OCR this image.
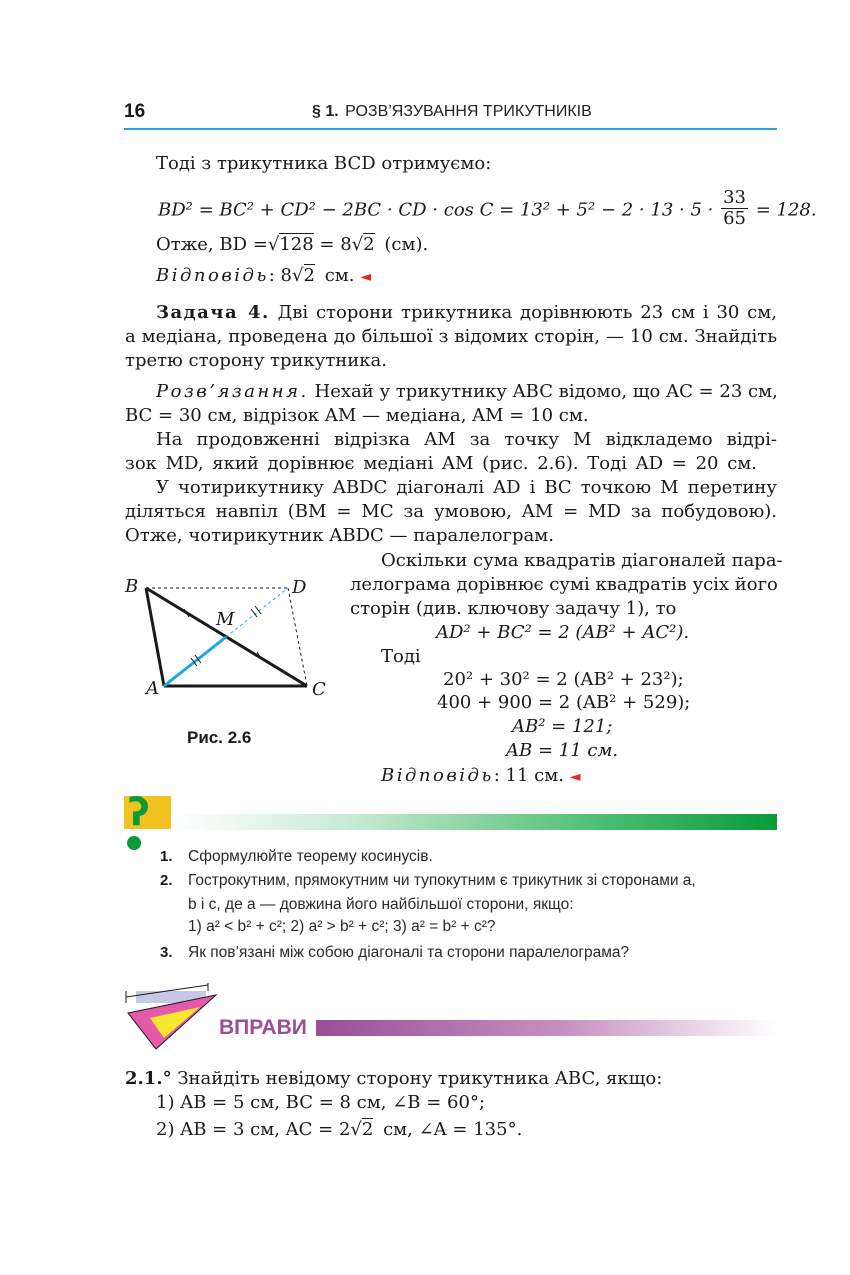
16	§ 1. РОЗВ’ЯЗУВАННЯ ТРИКУТНИКІВ
Тоді з трикутника BCD отримуємо:
BD² = BC² + CD² − 2BC · CD · $\cos C = 13^2 + 5^2 - 2 \cdot 13 \cdot 5 \cdot \frac{33}{65} = 128$.
Отже, BD =√128 = 8√2 (см).
Відповідь: 8√2 см. ◄
Задача 4. Дві сторони трикутника дорівнюють 23 см і 30 см,
а медіана, проведена до більшої з відомих сторін, — 10 см. Знайдіть
третю сторону трикутника.
Розв’язання. Нехай у трикутнику ABC відомо, що AC = 23 см,
BC = 30 см, відрізок AM — медіана, AM = 10 см.
На продовженні відрізка AM за точку M відкладемо відрі-
зок MD, який дорівнює медіані AM (рис. 2.6). Тоді AD = 20 см.
У чотирикутнику ABDC діагоналі AD і BC точкою M перетину
діляться навпіл (BM = MC за умовою, AM = MD за побудовою).
Отже, чотирикутник ABDC — паралелограм.
Оскільки сума квадратів діагоналей пара-
лелограма дорівнює сумі квадратів усіх його
сторін (див. ключову задачу 1), то
AD² + BC² = 2 (AB² + AC²).
Тоді
20² + 30² = 2 (AB² + 23²);
400 + 900 = 2 (AB² + 529);
AB² = 121;
AB = 11 см.
Відповідь: 11 см. ◄
B	D
M
A	C
Рис. 2.6
ʔ
1. Сформулюйте теорему косинусів.
2. Гострокутним, прямокутним чи тупокутним є трикутник зі сторонами a,
b і c, де a — довжина його найбільшої сторони, якщо:
1) a² < b² + c²; 2) a² > b² + c²; 3) a² = b² + c²?
3. Як пов’язані між собою діагоналі та сторони паралелограма?
ВПРАВИ
2.1.° Знайдіть невідому сторону трикутника ABC, якщо:
1) AB = 5 см, BC = 8 см, ∠B = 60°;
2) AB = 3 см, AC = 2√2 см, ∠A = 135°.
